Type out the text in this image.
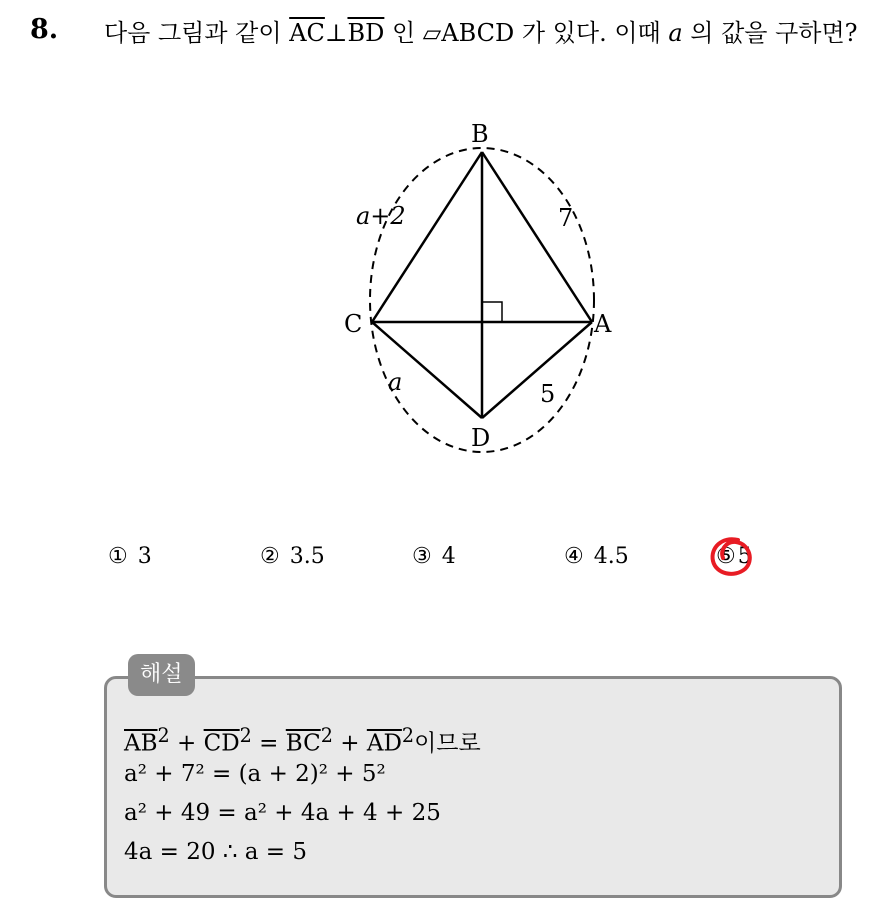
8. 다음 그림과 같이 $\overline{AC}\perp\overline{BD}$ 인 ▱ABCD 가 있다. 이때 a 의 값을 구하면?
B
C	A
D
a+2	7
a	5
① 3	② 3.5	③ 4	④ 4.5	⑤5
해설
$\overline{AB}^2 + \overline{CD}^2 = \overline{BC}^2 + \overline{AD}^2$이므로
a² + 7² = (a + 2)² + 5²
a² + 49 = a² + 4a + 4 + 25
4a = 20 ∴ a = 5
